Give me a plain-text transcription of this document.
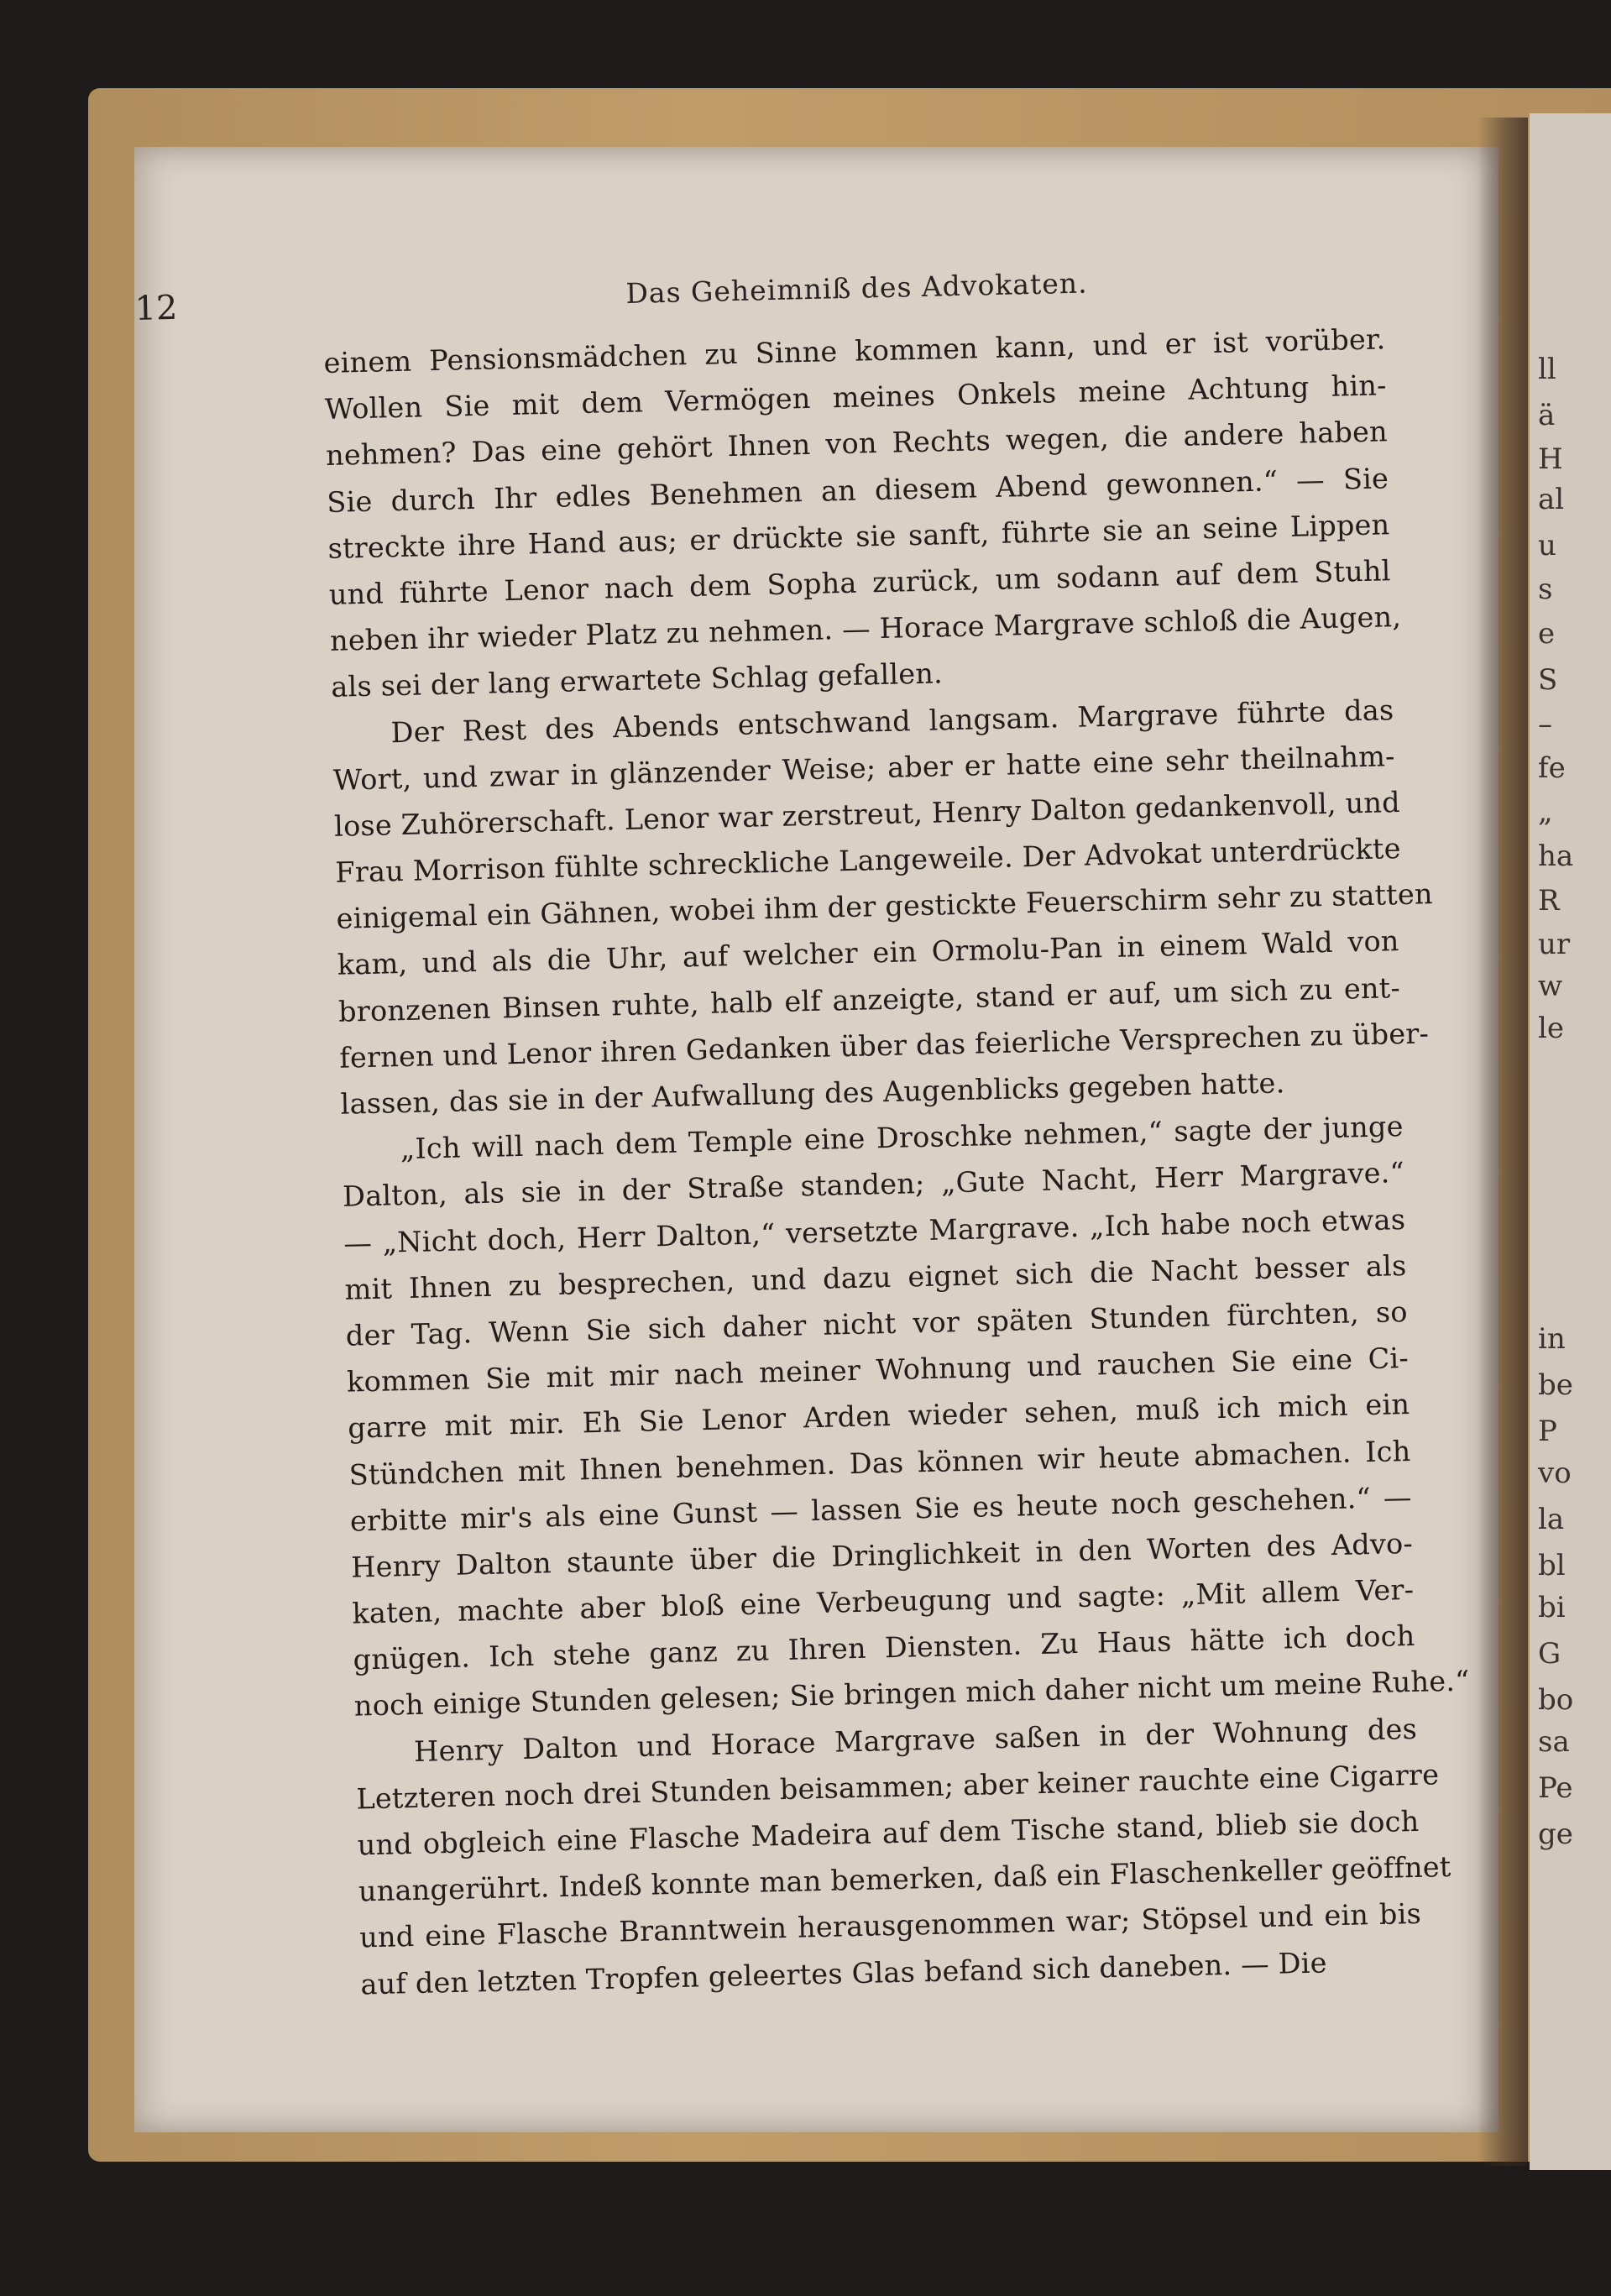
ll
ä
H
al
u
s
e
S
–
fe
„
ha
R
ur
w
le
in
be
P
vo
la
bl
bi
G
bo
sa
Pe
ge
12	Das Geheimniß des Advokaten.
einem Pensionsmädchen zu Sinne kommen kann, und er ist vorüber.
Wollen Sie mit dem Vermögen meines Onkels meine Achtung hin-
nehmen? Das eine gehört Ihnen von Rechts wegen, die andere haben
Sie durch Ihr edles Benehmen an diesem Abend gewonnen.“ — Sie
streckte ihre Hand aus; er drückte sie sanft, führte sie an seine Lippen
und führte Lenor nach dem Sopha zurück, um sodann auf dem Stuhl
neben ihr wieder Platz zu nehmen. — Horace Margrave schloß die Augen,
als sei der lang erwartete Schlag gefallen.
Der Rest des Abends entschwand langsam. Margrave führte das
Wort, und zwar in glänzender Weise; aber er hatte eine sehr theilnahm-
lose Zuhörerschaft. Lenor war zerstreut, Henry Dalton gedankenvoll, und
Frau Morrison fühlte schreckliche Langeweile. Der Advokat unterdrückte
einigemal ein Gähnen, wobei ihm der gestickte Feuerschirm sehr zu statten
kam, und als die Uhr, auf welcher ein Ormolu-Pan in einem Wald von
bronzenen Binsen ruhte, halb elf anzeigte, stand er auf, um sich zu ent-
fernen und Lenor ihren Gedanken über das feierliche Versprechen zu über-
lassen, das sie in der Aufwallung des Augenblicks gegeben hatte.
„Ich will nach dem Temple eine Droschke nehmen,“ sagte der junge
Dalton, als sie in der Straße standen; „Gute Nacht, Herr Margrave.“
— „Nicht doch, Herr Dalton,“ versetzte Margrave. „Ich habe noch etwas
mit Ihnen zu besprechen, und dazu eignet sich die Nacht besser als
der Tag. Wenn Sie sich daher nicht vor späten Stunden fürchten, so
kommen Sie mit mir nach meiner Wohnung und rauchen Sie eine Ci-
garre mit mir. Eh Sie Lenor Arden wieder sehen, muß ich mich ein
Stündchen mit Ihnen benehmen. Das können wir heute abmachen. Ich
erbitte mir's als eine Gunst — lassen Sie es heute noch geschehen.“ —
Henry Dalton staunte über die Dringlichkeit in den Worten des Advo-
katen, machte aber bloß eine Verbeugung und sagte: „Mit allem Ver-
gnügen. Ich stehe ganz zu Ihren Diensten. Zu Haus hätte ich doch
noch einige Stunden gelesen; Sie bringen mich daher nicht um meine Ruhe.“
Henry Dalton und Horace Margrave saßen in der Wohnung des
Letzteren noch drei Stunden beisammen; aber keiner rauchte eine Cigarre
und obgleich eine Flasche Madeira auf dem Tische stand, blieb sie doch
unangerührt. Indeß konnte man bemerken, daß ein Flaschenkeller geöffnet
und eine Flasche Branntwein herausgenommen war; Stöpsel und ein bis
auf den letzten Tropfen geleertes Glas befand sich daneben. — Die
